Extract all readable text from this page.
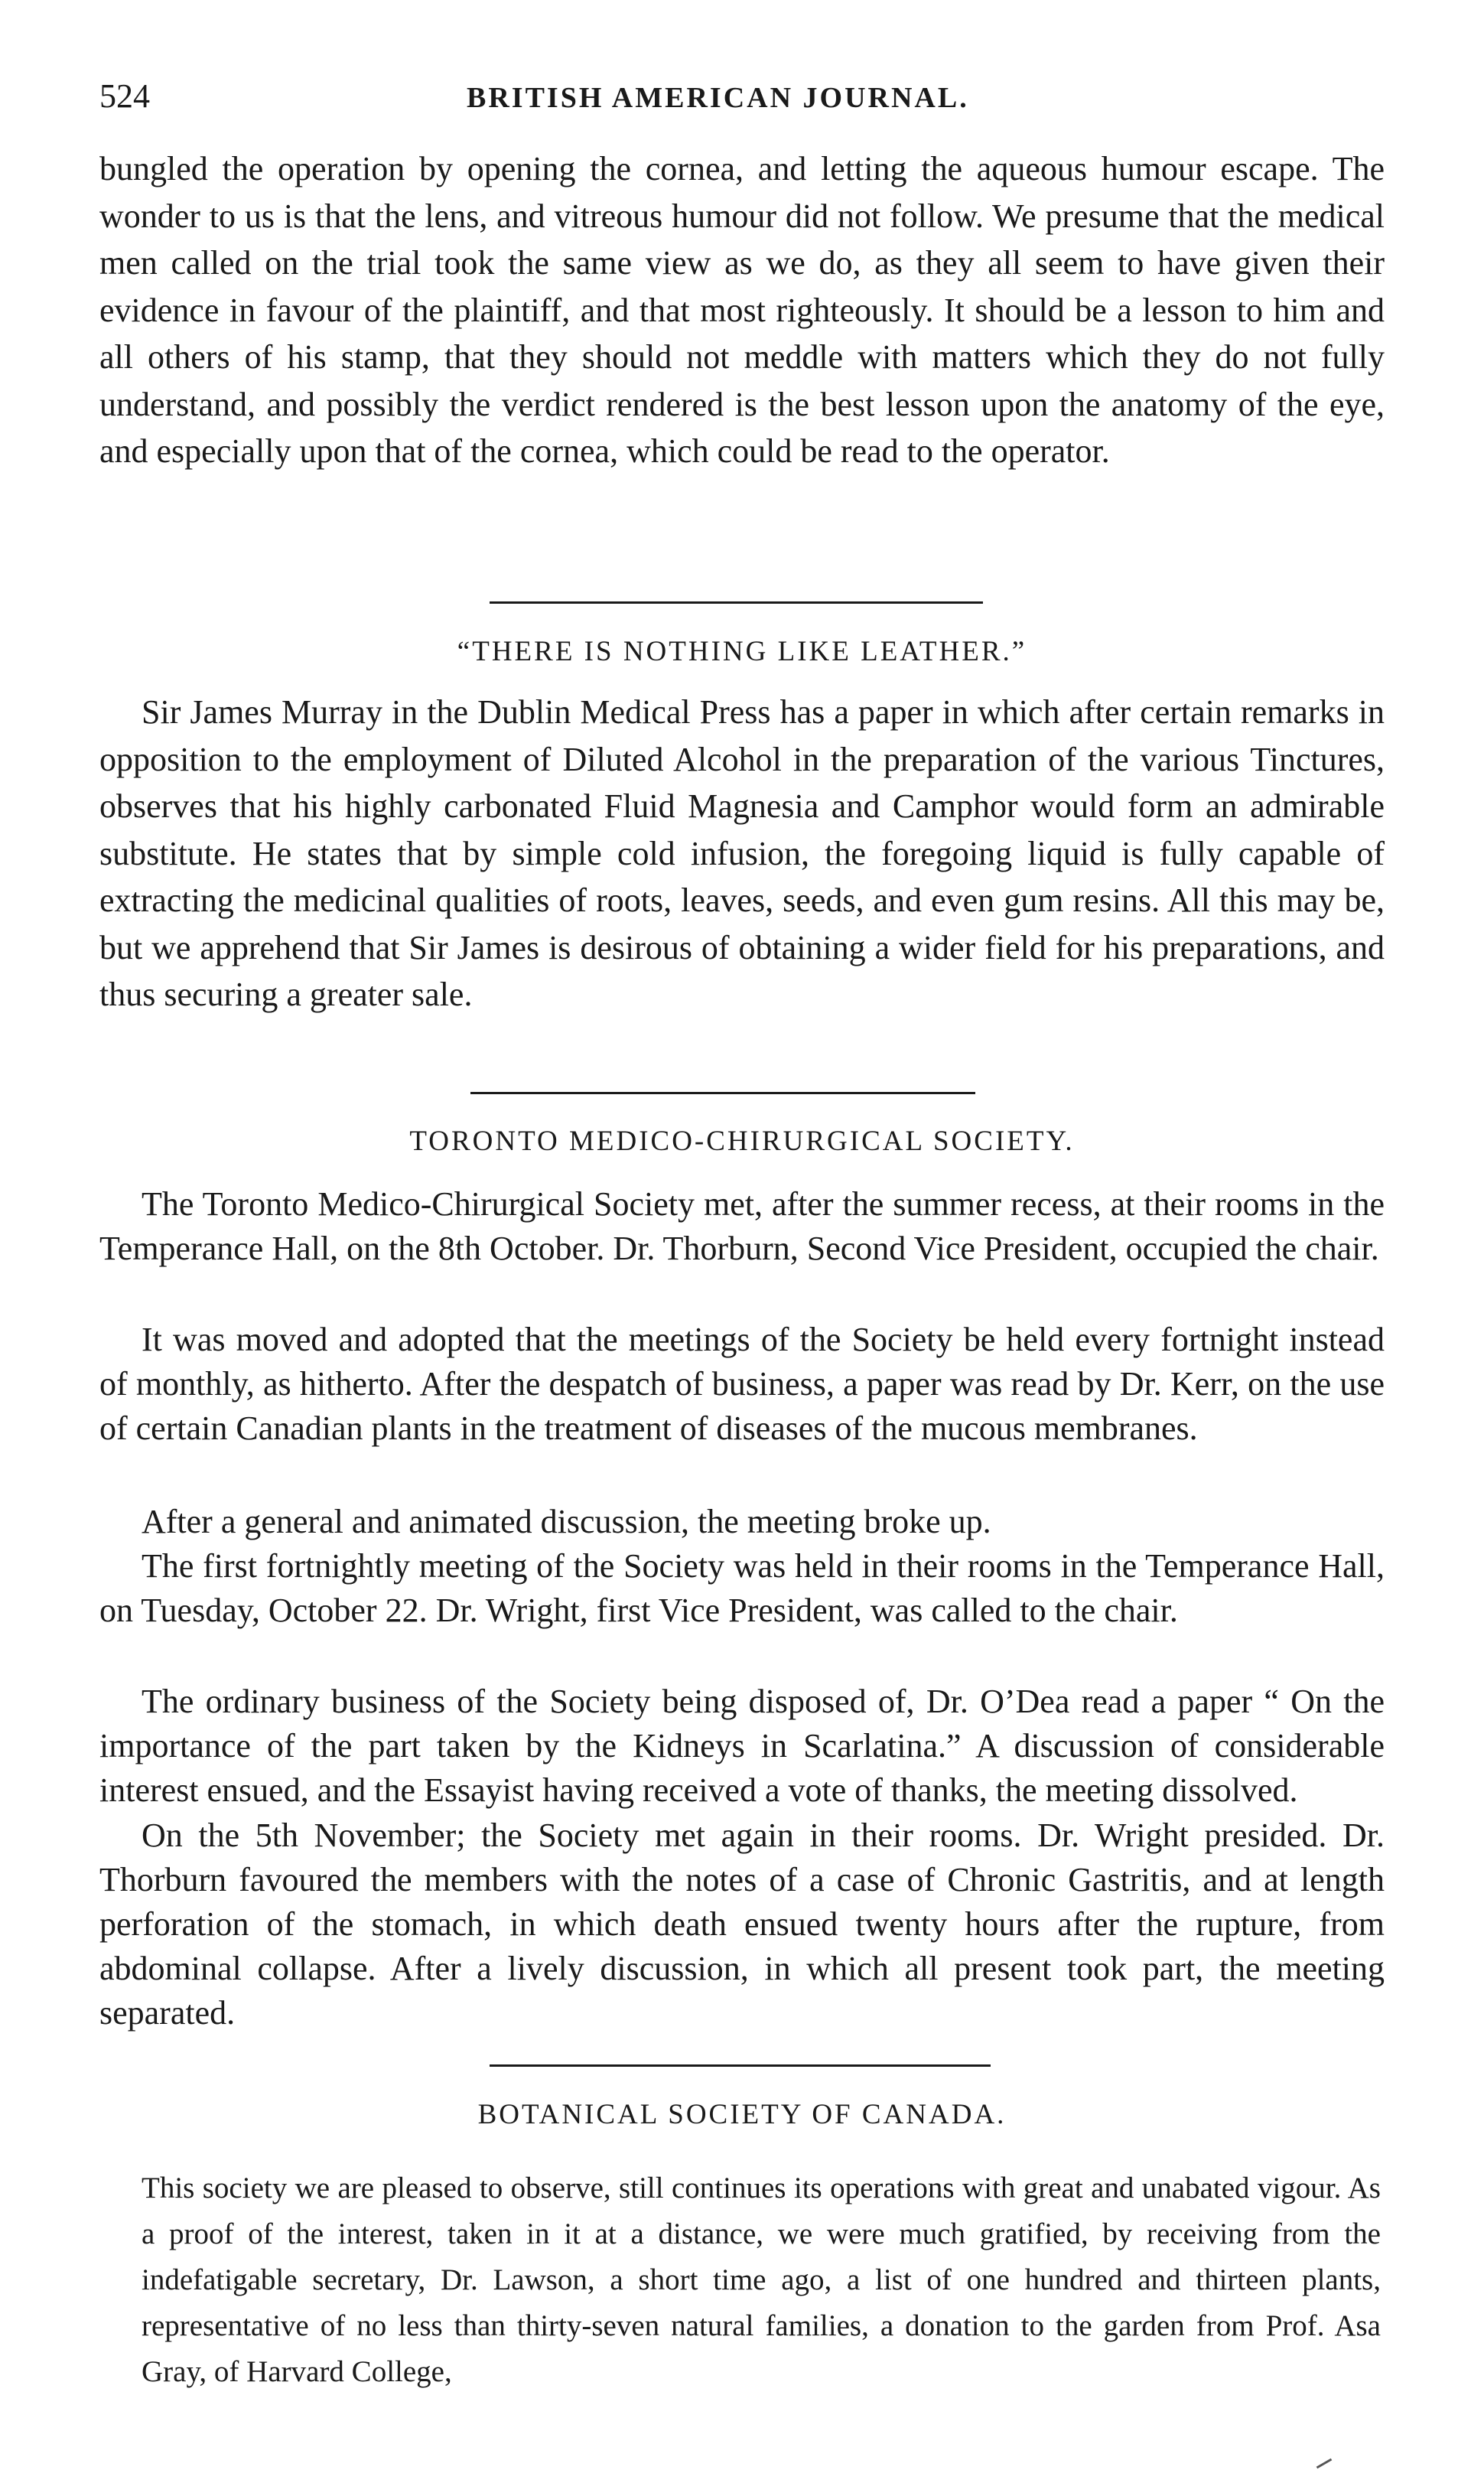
524	BRITISH AMERICAN JOURNAL.

bungled the operation by opening the cornea, and letting the aqueous humour escape. The wonder to us is that the lens, and vitreous humour did not follow. We presume that the medical men called on the trial took the same view as we do, as they all seem to have given their evidence in favour of the plaintiff, and that most righteously. It should be a lesson to him and all others of his stamp, that they should not meddle with matters which they do not fully understand, and possibly the verdict rendered is the best lesson upon the anatomy of the eye, and especially upon that of the cornea, which could be read to the operator.

“THERE IS NOTHING LIKE LEATHER.”

Sir James Murray in the Dublin Medical Press has a paper in which after certain remarks in opposition to the employment of Diluted Alcohol in the preparation of the various Tinctures, observes that his highly carbonated Fluid Magnesia and Camphor would form an admirable substitute. He states that by simple cold infusion, the foregoing liquid is fully capable of extracting the medicinal qualities of roots, leaves, seeds, and even gum resins. All this may be, but we apprehend that Sir James is desirous of obtaining a wider field for his preparations, and thus securing a greater sale.

TORONTO MEDICO-CHIRURGICAL SOCIETY.

The Toronto Medico-Chirurgical Society met, after the summer recess, at their rooms in the Temperance Hall, on the 8th October. Dr. Thorburn, Second Vice President, occupied the chair.

It was moved and adopted that the meetings of the Society be held every fortnight instead of monthly, as hitherto. After the despatch of business, a paper was read by Dr. Kerr, on the use of certain Canadian plants in the treatment of diseases of the mucous membranes.

After a general and animated discussion, the meeting broke up.

The first fortnightly meeting of the Society was held in their rooms in the Temperance Hall, on Tuesday, October 22. Dr. Wright, first Vice President, was called to the chair.

The ordinary business of the Society being disposed of, Dr. O’Dea read a paper “ On the importance of the part taken by the Kidneys in Scarlatina.” A discussion of considerable interest ensued, and the Essayist having received a vote of thanks, the meeting dissolved.

On the 5th November; the Society met again in their rooms. Dr. Wright presided. Dr. Thorburn favoured the members with the notes of a case of Chronic Gastritis, and at length perforation of the stomach, in which death ensued twenty hours after the rupture, from abdominal collapse. After a lively discussion, in which all present took part, the meeting separated.

BOTANICAL SOCIETY OF CANADA.

This society we are pleased to observe, still continues its operations with great and unabated vigour. As a proof of the interest, taken in it at a distance, we were much gratified, by receiving from the indefatigable secretary, Dr. Lawson, a short time ago, a list of one hundred and thirteen plants, representative of no less than thirty-seven natural families, a donation to the garden from Prof. Asa Gray, of Harvard College,
